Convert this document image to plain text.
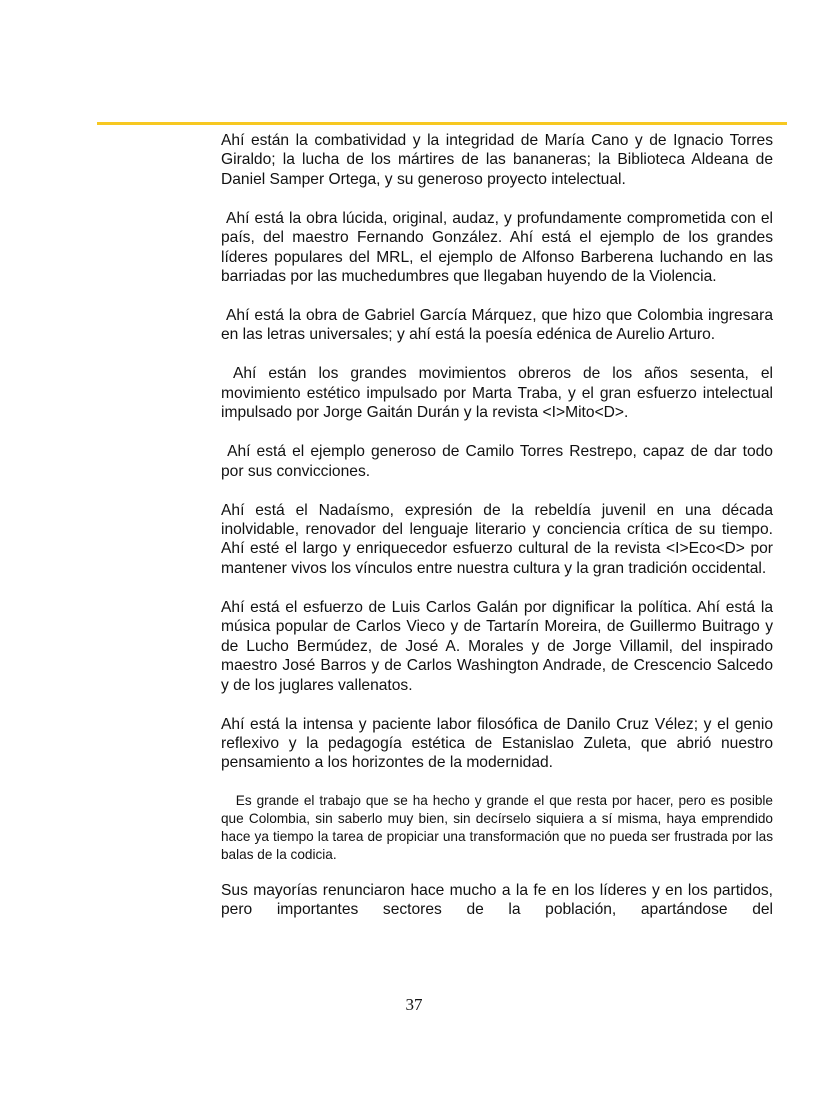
Ahí están la combatividad y la integridad de María Cano y de Ignacio Torres Giraldo; la lucha de los mártires de las bananeras; la Biblioteca Aldeana de Daniel Samper Ortega, y su generoso proyecto intelectual.

Ahí está la obra lúcida, original, audaz, y profundamente comprometida con el país, del maestro Fernando González. Ahí está el ejemplo de los grandes líderes populares del MRL, el ejemplo de Alfonso Barberena luchando en las barriadas por las muchedumbres que llegaban huyendo de la Violencia.

Ahí está la obra de Gabriel García Márquez, que hizo que Colombia ingresara en las letras universales; y ahí está la poesía edénica de Aurelio Arturo.

Ahí están los grandes movimientos obreros de los años sesenta, el movimiento estético impulsado por Marta Traba, y el gran esfuerzo intelectual impulsado por Jorge Gaitán Durán y la revista <I>Mito<D>.

Ahí está el ejemplo generoso de Camilo Torres Restrepo, capaz de dar todo por sus convicciones.

Ahí está el Nadaísmo, expresión de la rebeldía juvenil en una década inolvidable, renovador del lenguaje literario y conciencia crítica de su tiempo. Ahí esté el largo y enriquecedor esfuerzo cultural de la revista <I>Eco<D> por mantener vivos los vínculos entre nuestra cultura y la gran tradición occidental.

Ahí está el esfuerzo de Luis Carlos Galán por dignificar la política. Ahí está la música popular de Carlos Vieco y de Tartarín Moreira, de Guillermo Buitrago y de Lucho Bermúdez, de José A. Morales y de Jorge Villamil, del inspirado maestro José Barros y de Carlos Washington Andrade, de Crescencio Salcedo y de los juglares vallenatos.

Ahí está la intensa y paciente labor filosófica de Danilo Cruz Vélez; y el genio reflexivo y la pedagogía estética de Estanislao Zuleta, que abrió nuestro pensamiento a los horizontes de la modernidad.

Es grande el trabajo que se ha hecho y grande el que resta por hacer, pero es posible que Colombia, sin saberlo muy bien, sin decírselo siquiera a sí misma, haya emprendido hace ya tiempo la tarea de propiciar una transformación que no pueda ser frustrada por las balas de la codicia.

Sus mayorías renunciaron hace mucho a la fe en los líderes y en los partidos, pero importantes sectores de la población, apartándose del

37
